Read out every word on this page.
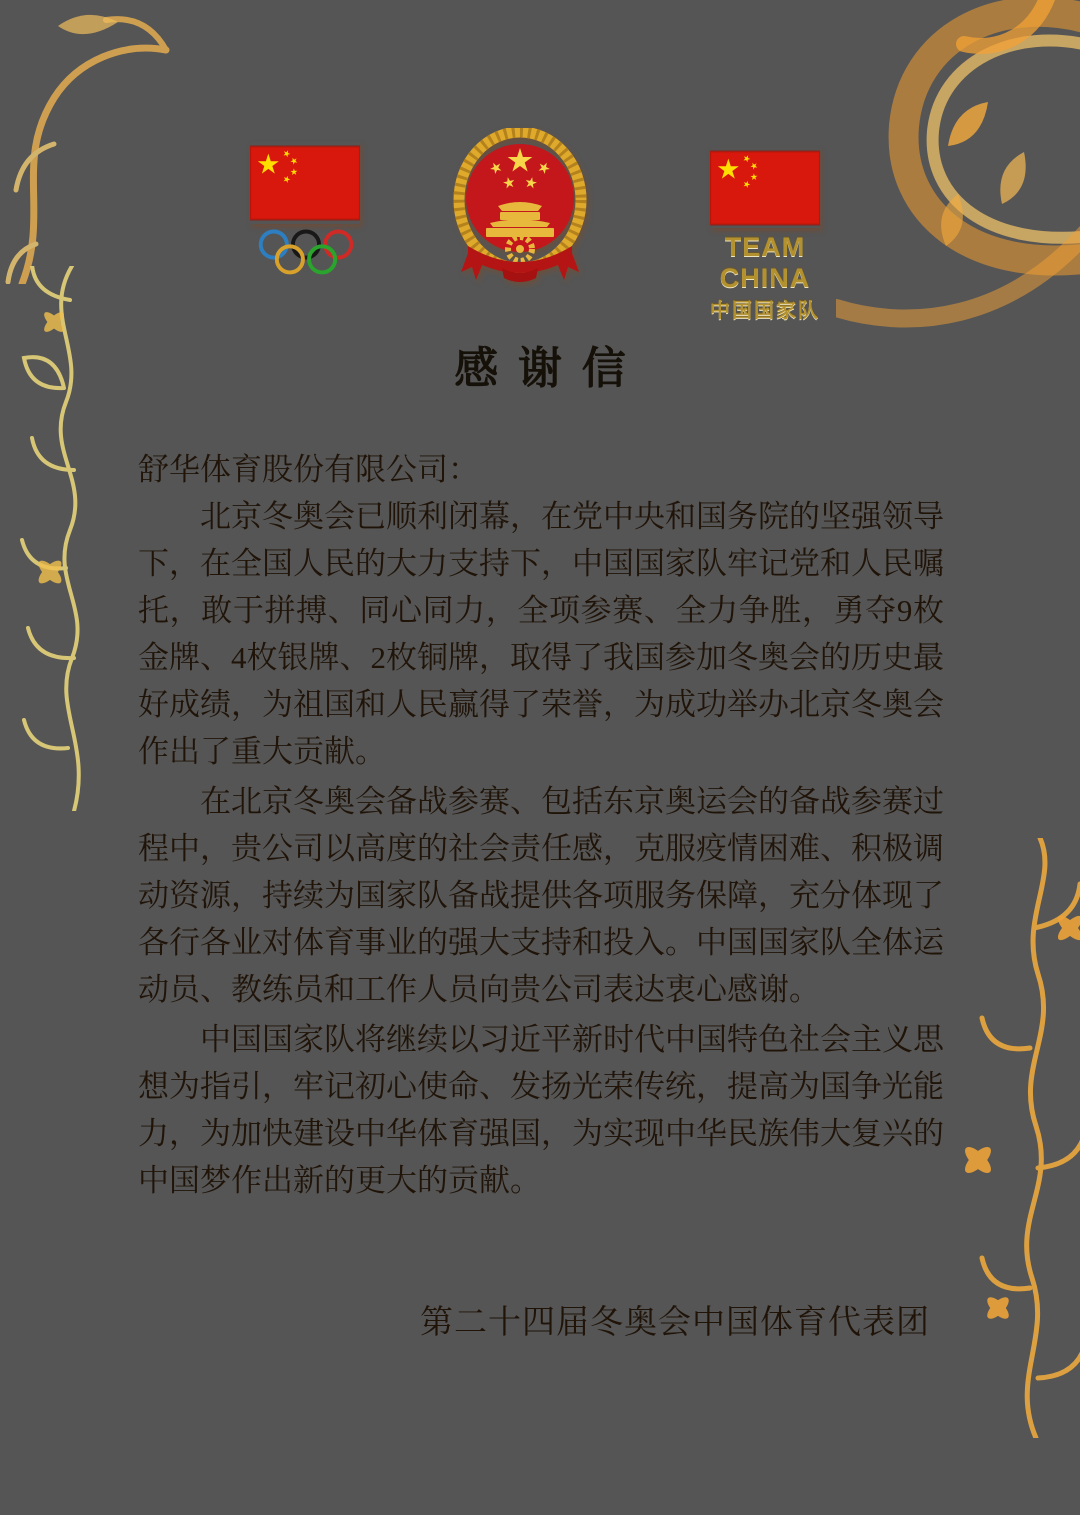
TEAM CHINA
中国国家队
感谢信
舒华体育股份有限公司：

北京冬奥会已顺利闭幕，在党中央和国务院的坚强领导下，在全国人民的大力支持下，中国国家队牢记党和人民嘱托，敢于拼搏、同心同力，全项参赛、全力争胜，勇夺9枚金牌、4枚银牌、2枚铜牌，取得了我国参加冬奥会的历史最好成绩，为祖国和人民赢得了荣誉，为成功举办北京冬奥会作出了重大贡献。

在北京冬奥会备战参赛、包括东京奥运会的备战参赛过程中，贵公司以高度的社会责任感，克服疫情困难、积极调动资源，持续为国家队备战提供各项服务保障，充分体现了各行各业对体育事业的强大支持和投入。中国国家队全体运动员、教练员和工作人员向贵公司表达衷心感谢。

中国国家队将继续以习近平新时代中国特色社会主义思想为指引，牢记初心使命、发扬光荣传统，提高为国争光能力，为加快建设中华体育强国，为实现中华民族伟大复兴的中国梦作出新的更大的贡献。

第二十四届冬奥会中国体育代表团
